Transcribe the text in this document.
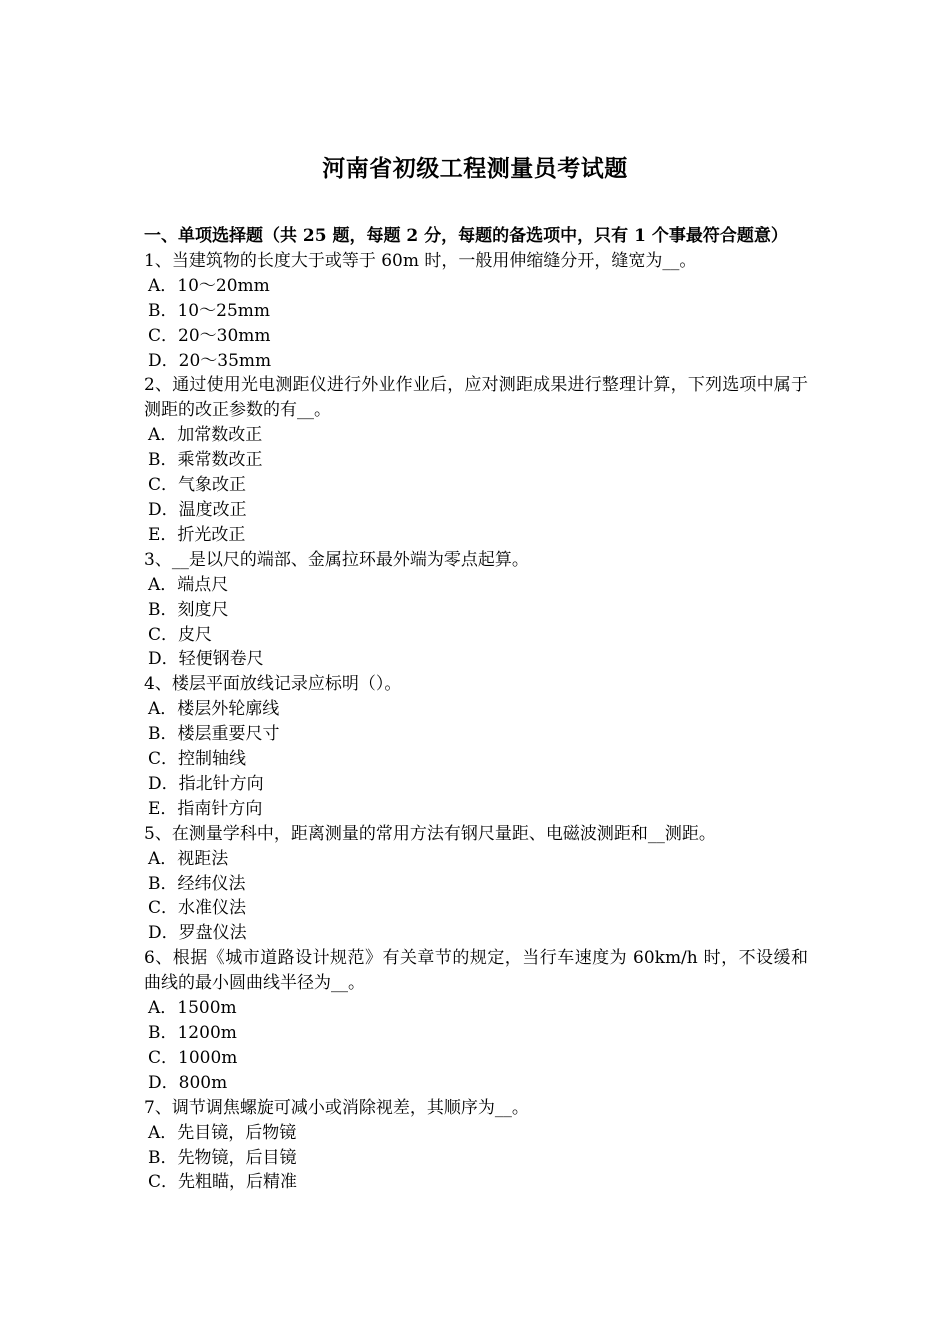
河南省初级工程测量员考试题

一、单项选择题（共 25 题，每题 2 分，每题的备选项中，只有 1 个事最符合题意）

1、当建筑物的长度大于或等于 60m 时，一般用伸缩缝分开，缝宽为__。

A．10～20mm
B．10～25mm
C．20～30mm
D．20～35mm

2、通过使用光电测距仪进行外业作业后，应对测距成果进行整理计算，下列选项中属于测距的改正参数的有__。

A．加常数改正
B．乘常数改正
C．气象改正
D．温度改正
E．折光改正

3、__是以尺的端部、金属拉环最外端为零点起算。

A．端点尺
B．刻度尺
C．皮尺
D．轻便钢卷尺

4、楼层平面放线记录应标明（）。

A．楼层外轮廓线
B．楼层重要尺寸
C．控制轴线
D．指北针方向
E．指南针方向

5、在测量学科中，距离测量的常用方法有钢尺量距、电磁波测距和__测距。

A．视距法
B．经纬仪法
C．水准仪法
D．罗盘仪法

6、根据《城市道路设计规范》有关章节的规定，当行车速度为 60km/h 时，不设缓和曲线的最小圆曲线半径为__。

A．1500m
B．1200m
C．1000m
D．800m

7、调节调焦螺旋可减小或消除视差，其顺序为__。

A．先目镜，后物镜
B．先物镜，后目镜
C．先粗瞄，后精准
